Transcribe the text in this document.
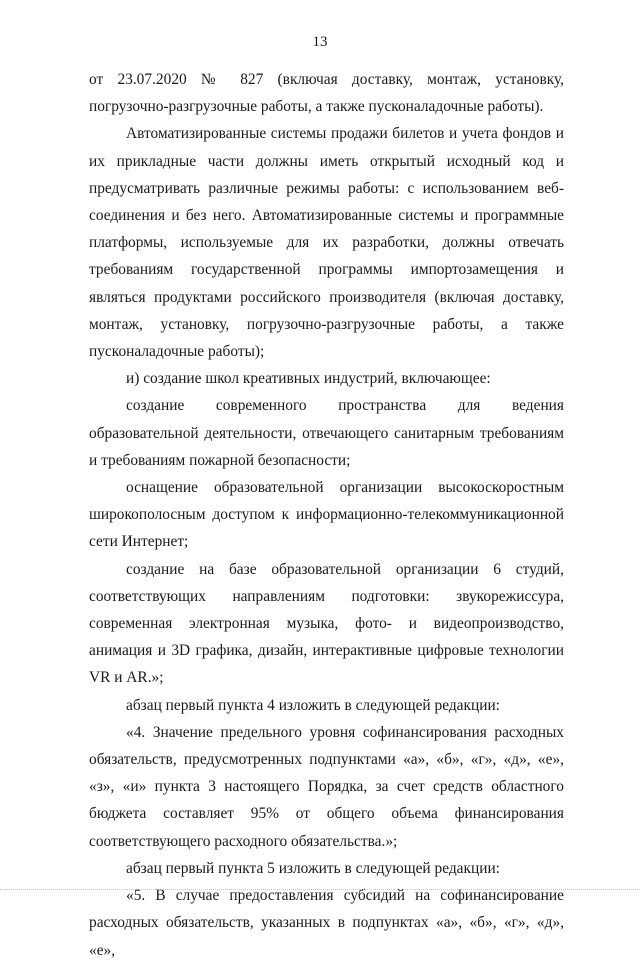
13

от 23.07.2020 № 827 (включая доставку, монтаж, установку, погрузочно-разгрузочные работы, а также пусконаладочные работы).

Автоматизированные системы продажи билетов и учета фондов и их прикладные части должны иметь открытый исходный код и предусматривать различные режимы работы: с использованием веб-соединения и без него. Автоматизированные системы и программные платформы, используемые для их разработки, должны отвечать требованиям государственной программы импортозамещения и являться продуктами российского производителя (включая доставку, монтаж, установку, погрузочно-разгрузочные работы, а также пусконаладочные работы);

и) создание школ креативных индустрий, включающее:

создание современного пространства для ведения образовательной деятельности, отвечающего санитарным требованиям и требованиям пожарной безопасности;

оснащение образовательной организации высокоскоростным широкополосным доступом к информационно-телекоммуникационной сети Интернет;

создание на базе образовательной организации 6 студий, соответствующих направлениям подготовки: звукорежиссура, современная электронная музыка, фото- и видеопроизводство, анимация и 3D графика, дизайн, интерактивные цифровые технологии VR и AR.»;

абзац первый пункта 4 изложить в следующей редакции:

«4. Значение предельного уровня софинансирования расходных обязательств, предусмотренных подпунктами «а», «б», «г», «д», «е», «з», «и» пункта 3 настоящего Порядка, за счет средств областного бюджета составляет 95% от общего объема финансирования соответствующего расходного обязательства.»;

абзац первый пункта 5 изложить в следующей редакции:

«5. В случае предоставления субсидий на софинансирование расходных обязательств, указанных в подпунктах «а», «б», «г», «д», «е»,
